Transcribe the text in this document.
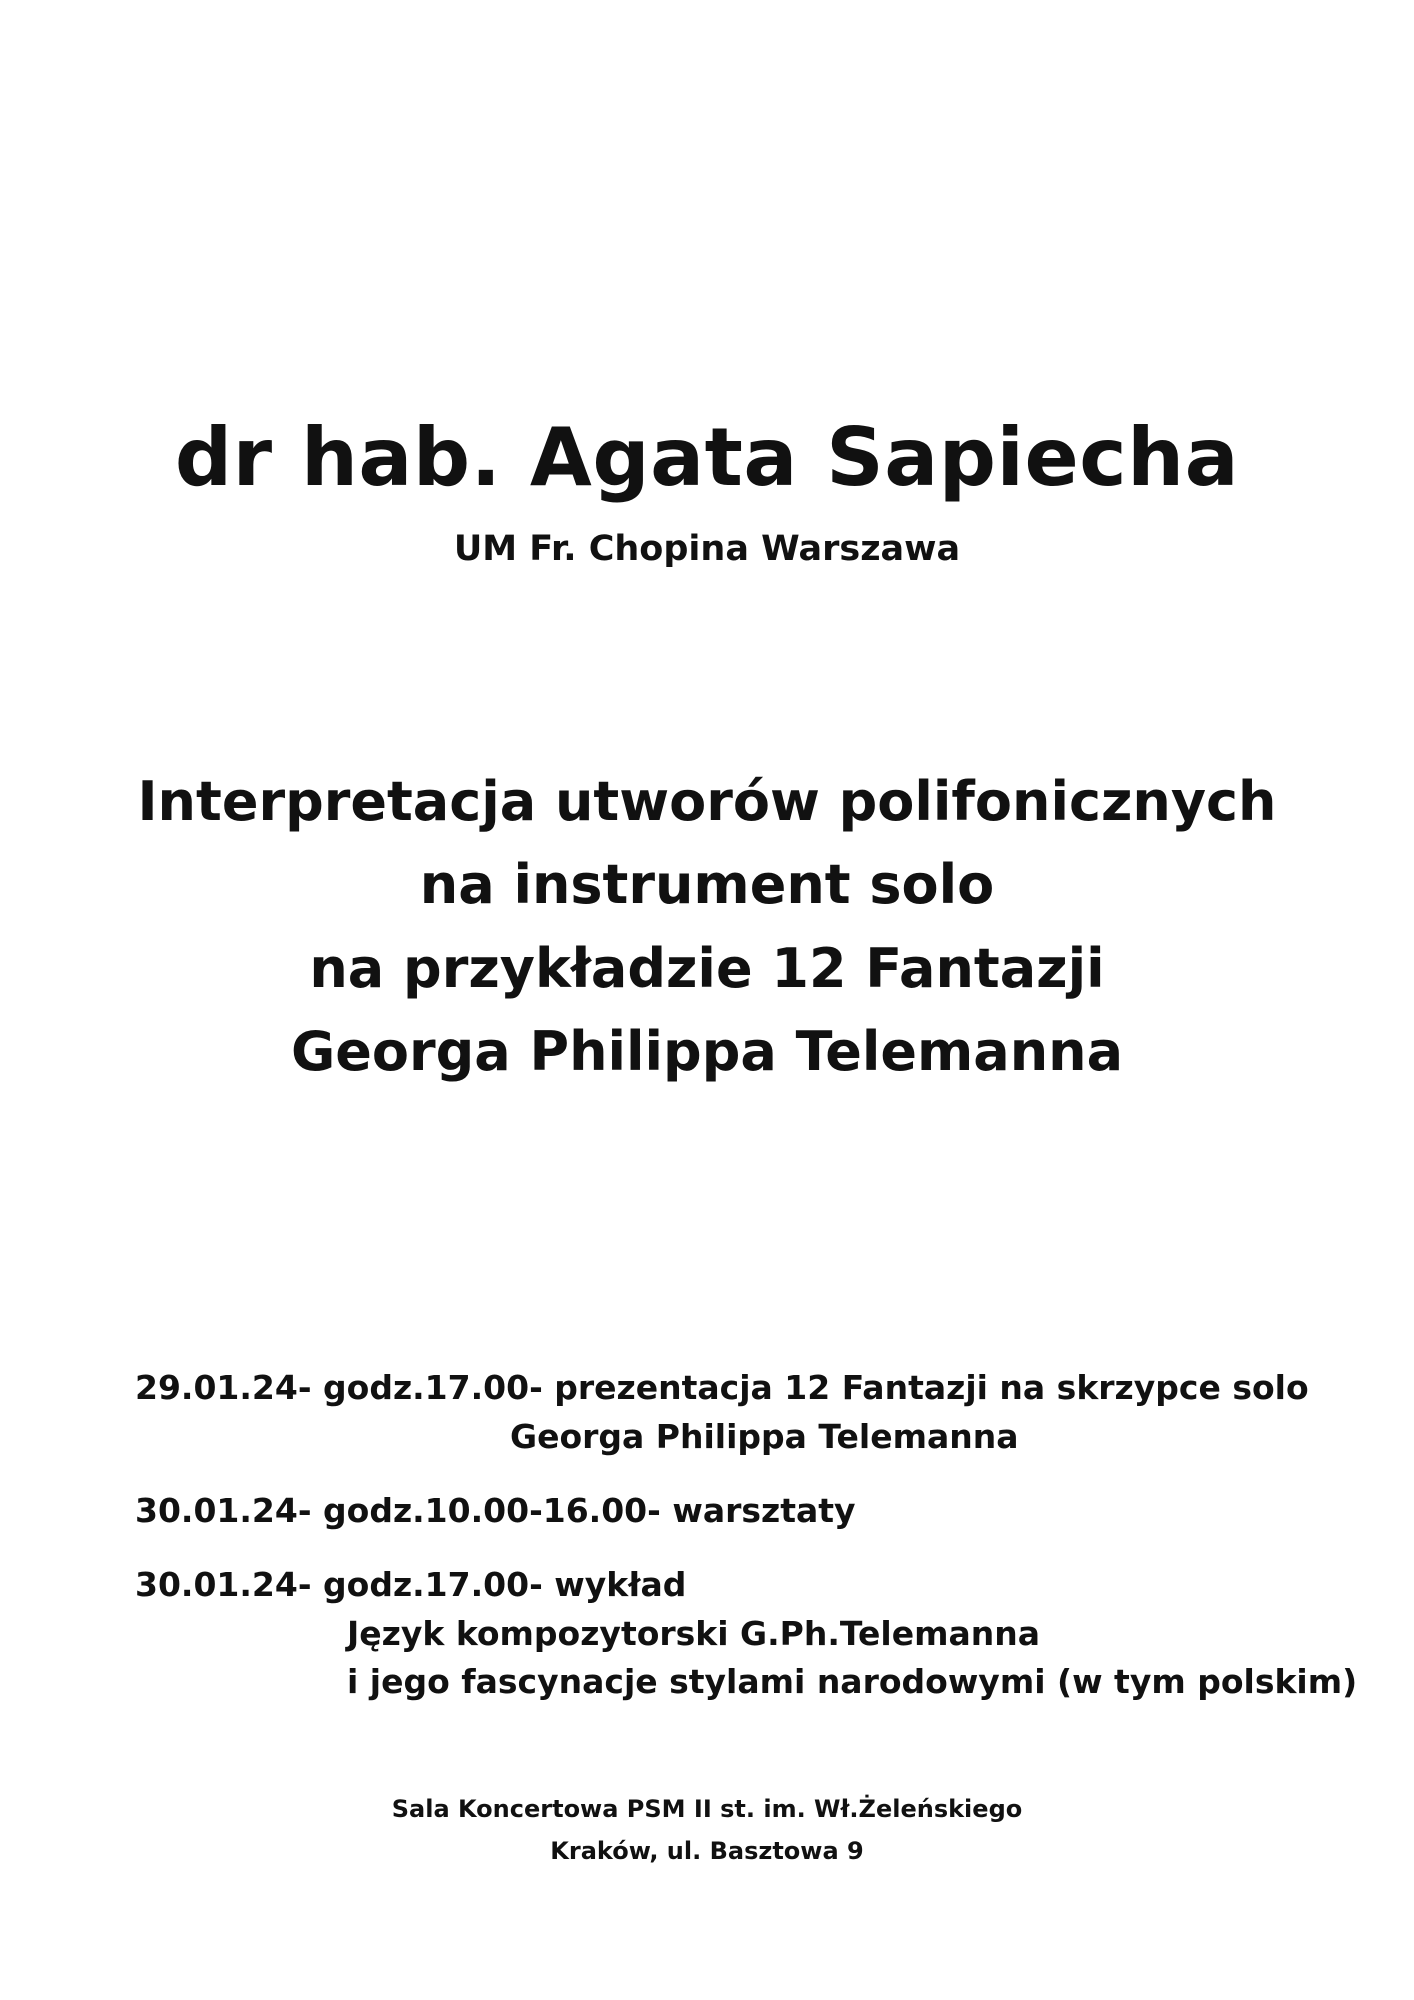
dr hab. Agata Sapiecha
UM Fr. Chopina Warszawa
Interpretacja utworów polifonicznych
na instrument solo
na przykładzie 12 Fantazji
Georga Philippa Telemanna
29.01.24- godz.17.00- prezentacja 12 Fantazji na skrzypce solo
Georga Philippa Telemanna
30.01.24- godz.10.00-16.00- warsztaty
30.01.24- godz.17.00- wykład
Język kompozytorski G.Ph.Telemanna
i jego fascynacje stylami narodowymi (w tym polskim)
Sala Koncertowa PSM II st. im. Wł.Żeleńskiego
Kraków, ul. Basztowa 9
